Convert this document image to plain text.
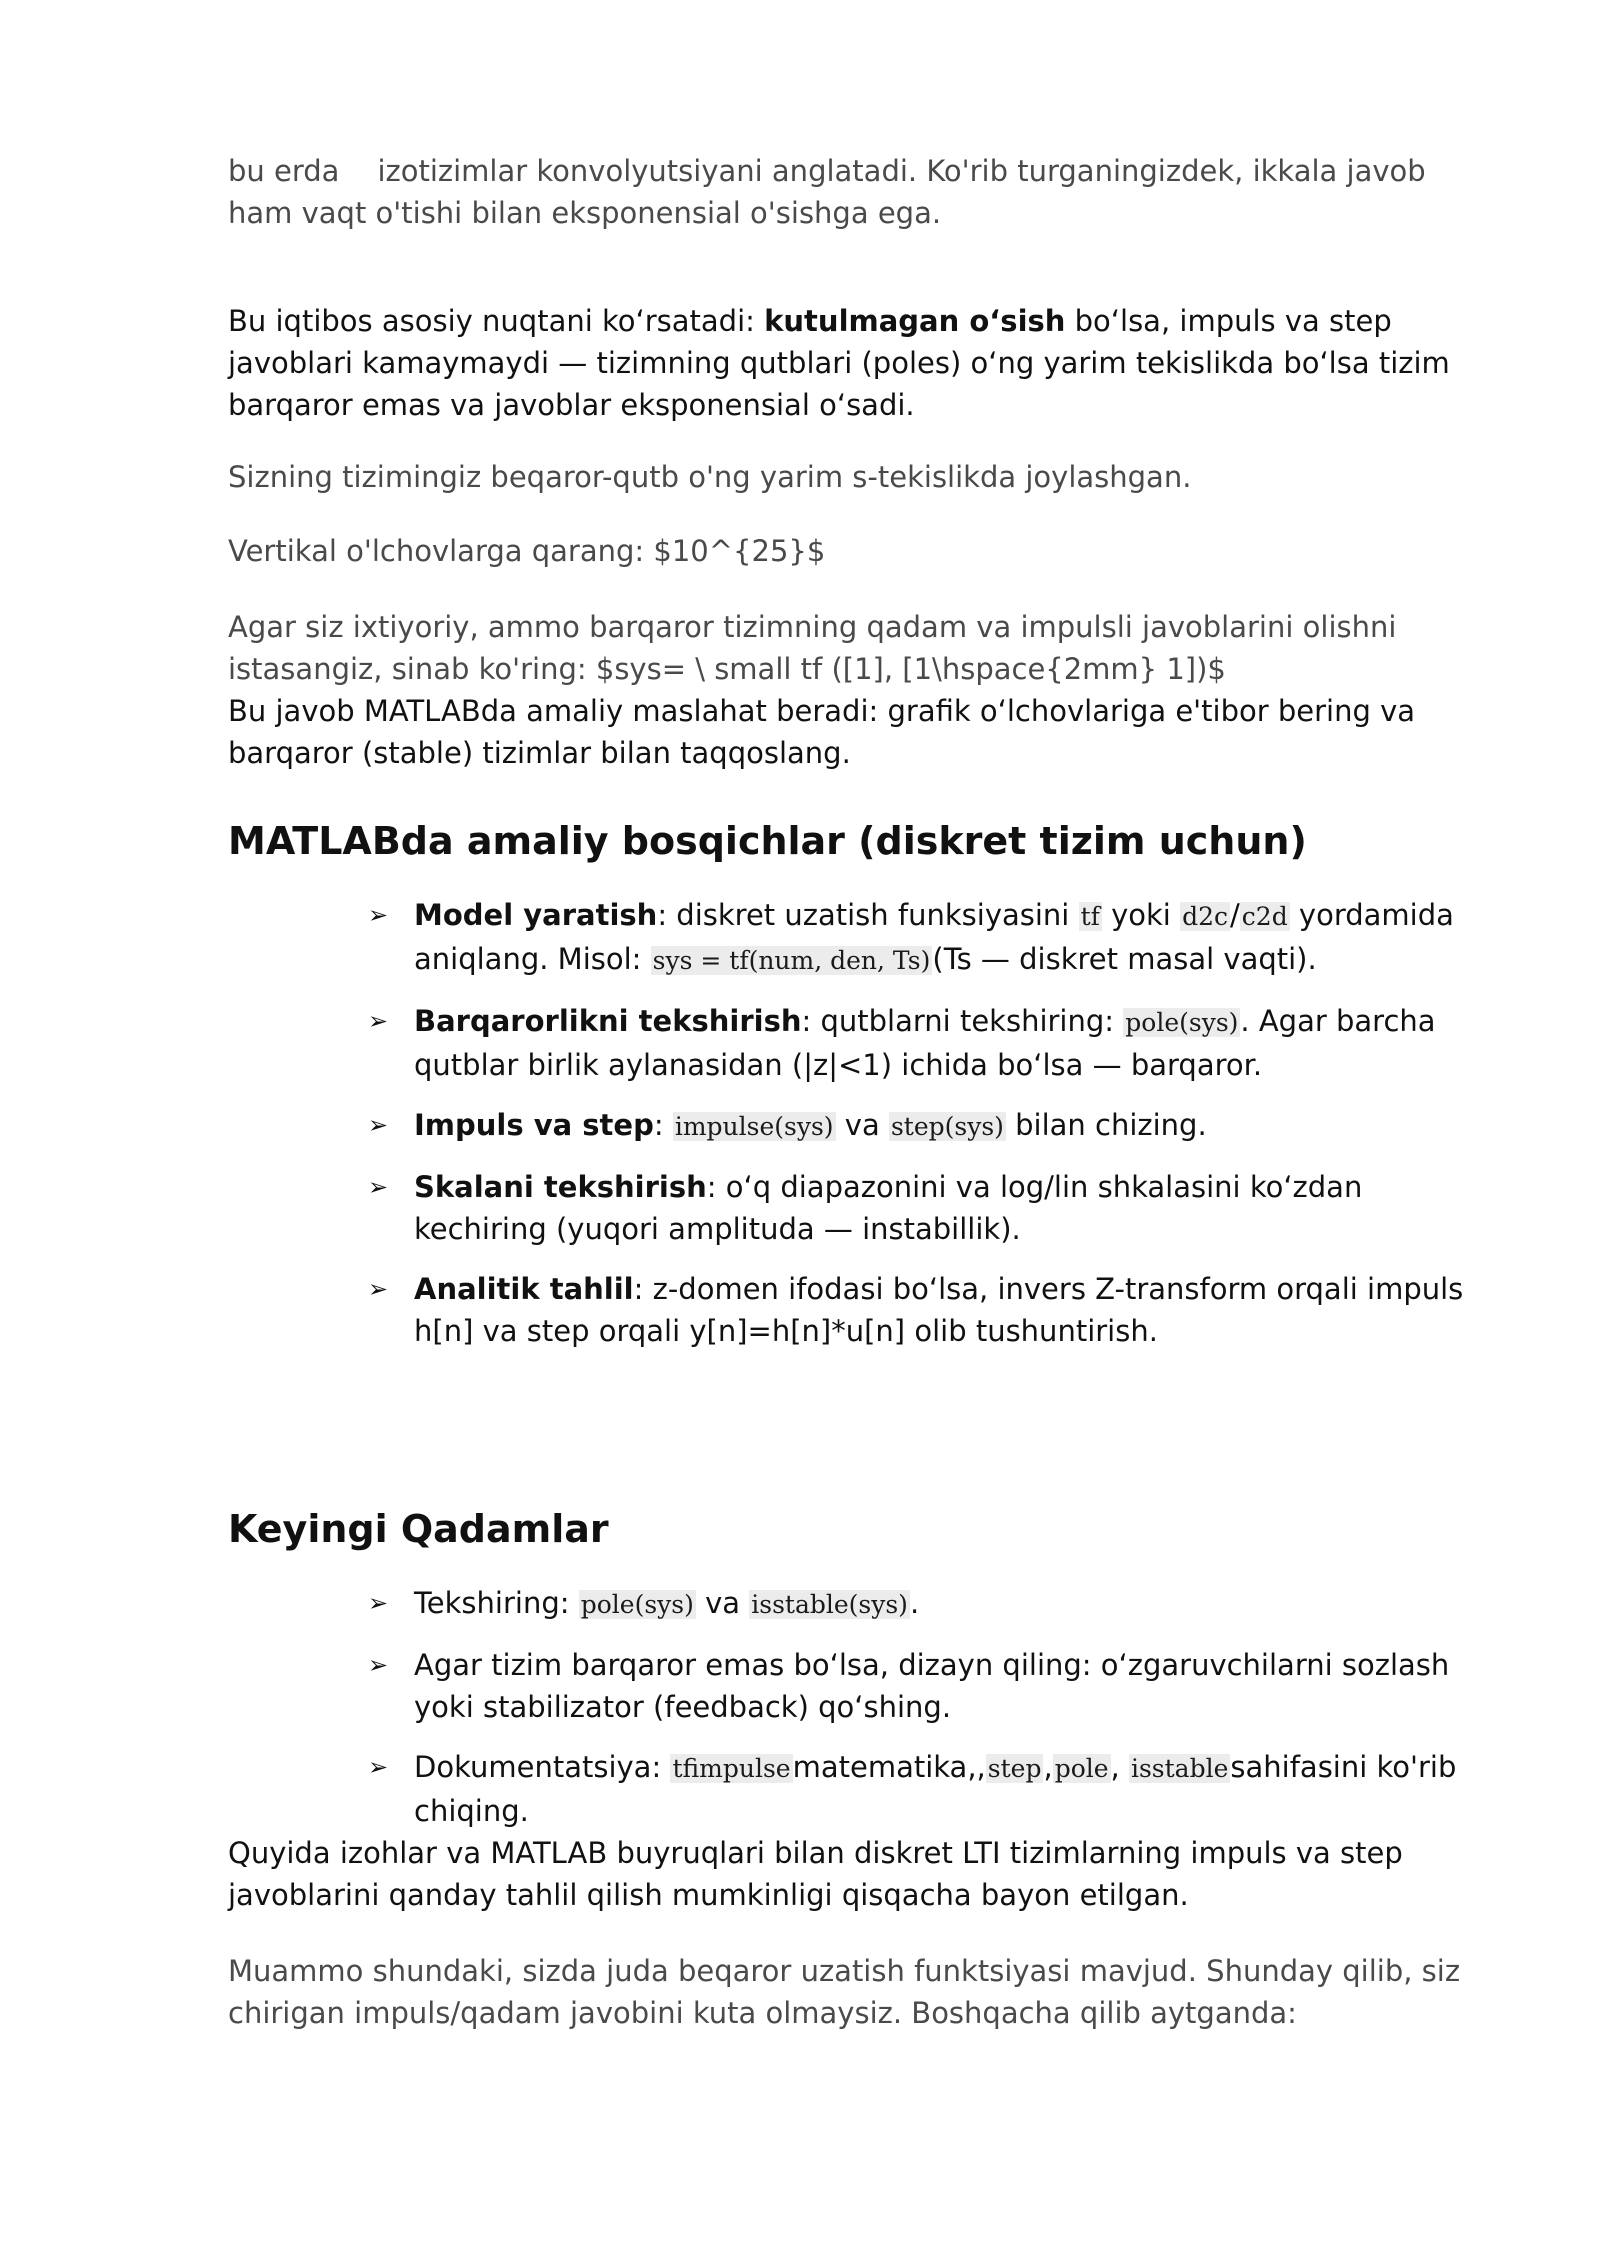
bu erda izotizimlar konvolyutsiyani anglatadi. Ko'rib turganingizdek, ikkala javob ham vaqt o'tishi bilan eksponensial o'sishga ega.

Bu iqtibos asosiy nuqtani koʻrsatadi: kutulmagan oʻsish boʻlsa, impuls va step javoblari kamaymaydi — tizimning qutblari (poles) oʻng yarim tekislikda boʻlsa tizim barqaror emas va javoblar eksponensial oʻsadi.

Sizning tizimingiz beqaror-qutb o'ng yarim s-tekislikda joylashgan.

Vertikal o'lchovlarga qarang: $10^{25}$

Agar siz ixtiyoriy, ammo barqaror tizimning qadam va impulsli javoblarini olishni istasangiz, sinab ko'ring: $sys= \ small tf ([1], [1\hspace{2mm} 1])$

Bu javob MATLABda amaliy maslahat beradi: grafik oʻlchovlariga e'tibor bering va barqaror (stable) tizimlar bilan taqqoslang.

MATLABda amaliy bosqichlar (diskret tizim uchun)
➢ Model yaratish: diskret uzatish funksiyasini tf yoki d2c/c2d yordamida aniqlang. Misol: sys = tf(num, den, Ts)(Ts — diskret masal vaqti).
➢ Barqarorlikni tekshirish: qutblarni tekshiring: pole(sys). Agar barcha qutblar birlik aylanasidan (|z|<1) ichida boʻlsa — barqaror.
➢ Impuls va step: impulse(sys) va step(sys) bilan chizing.
➢ Skalani tekshirish: oʻq diapazonini va log/lin shkalasini koʻzdan kechiring (yuqori amplituda — instabillik).
➢ Analitik tahlil: z-domen ifodasi boʻlsa, invers Z-transform orqali impuls h[n] va step orqali y[n]=h[n]*u[n] olib tushuntirish.
Keyingi Qadamlar
➢ Tekshiring: pole(sys) va isstable(sys).
➢ Agar tizim barqaror emas boʻlsa, dizayn qiling: oʻzgaruvchilarni sozlash yoki stabilizator (feedback) qoʻshing.
➢ Dokumentatsiya: tfimpulsematematika,,step,pole, isstablesahifasini ko'rib chiqing.

Quyida izohlar va MATLAB buyruqlari bilan diskret LTI tizimlarning impuls va step javoblarini qanday tahlil qilish mumkinligi qisqacha bayon etilgan.

Muammo shundaki, sizda juda beqaror uzatish funktsiyasi mavjud. Shunday qilib, siz chirigan impuls/qadam javobini kuta olmaysiz. Boshqacha qilib aytganda:
